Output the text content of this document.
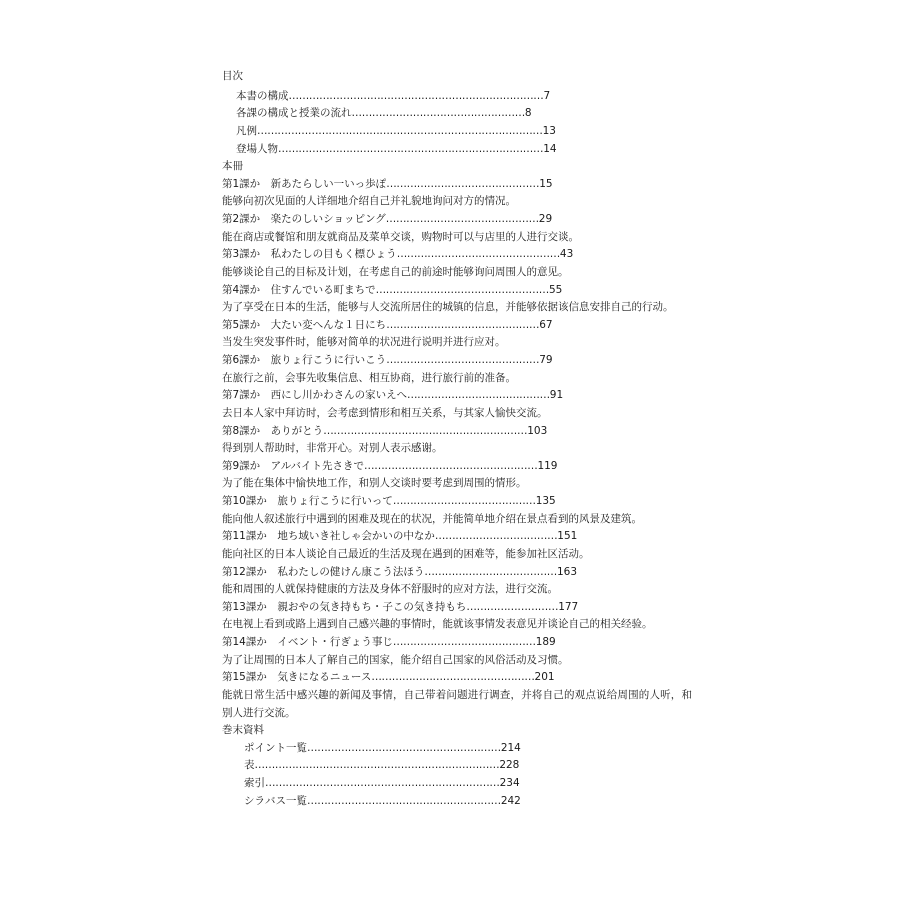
目次
本書の構成…………………………………………………………………7
各課の構成と授業の流れ……………………………………………8
凡例…………………………………………………………………………13
登場人物……………………………………………………………………14
本冊
第1課か　新あたらしい一いっ歩ぽ………………………………………15
能够向初次见面的人详细地介绍自己并礼貌地询问对方的情况。
第2課か　楽たのしいショッピング………………………………………29
能在商店或餐馆和朋友就商品及菜单交谈，购物时可以与店里的人进行交谈。
第3課か　私わたしの目もく標ひょう…………………………………………43
能够谈论自己的目标及计划，在考虑自己的前途时能够询问周围人的意见。
第4課か　住すんでいる町まちで……………………………………………55
为了享受在日本的生活，能够与人交流所居住的城镇的信息，并能够依据该信息安排自己的行动。
第5課か　大たい変へんな１日にち………………………………………67
当发生突发事件时，能够对简单的状况进行说明并进行应对。
第6課か　旅りょ行こうに行いこう………………………………………79
在旅行之前，会事先收集信息、相互协商，进行旅行前的准备。
第7課か　西にし川かわさんの家いえへ……………………………………91
去日本人家中拜访时，会考虑到情形和相互关系，与其家人愉快交流。
第8課か　ありがとう……………………………………………………103
得到别人帮助时，非常开心。对别人表示感谢。
第9課か　アルバイト先さきで……………………………………………119
为了能在集体中愉快地工作，和别人交谈时要考虑到周围的情形。
第10課か　旅りょ行こうに行いって……………………………………135
能向他人叙述旅行中遇到的困难及现在的状况，并能简单地介绍在景点看到的风景及建筑。
第11課か　地ち域いき社しゃ会かいの中なか………………………………151
能向社区的日本人谈论自己最近的生活及现在遇到的困难等，能参加社区活动。
第12課か　私わたしの健けん康こう法ほう…………………………………163
能和周围的人就保持健康的方法及身体不舒服时的应对方法，进行交流。
第13課か　親おやの気き持もち・子この気き持もち………………………177
在电视上看到或路上遇到自己感兴趣的事情时，能就该事情发表意见并谈论自己的相关经验。
第14課か　イベント・行ぎょう事じ……………………………………189
为了让周围的日本人了解自己的国家，能介绍自己国家的风俗活动及习惯。
第15課か　気きになるニュース…………………………………………201
能就日常生活中感兴趣的新闻及事情，自己带着问题进行调查，并将自己的观点说给周围的人听，和别人进行交流。
巻末資料
ポイント一覧…………………………………………………214
表………………………………………………………………228
索引……………………………………………………………234
シラバス一覧…………………………………………………242
